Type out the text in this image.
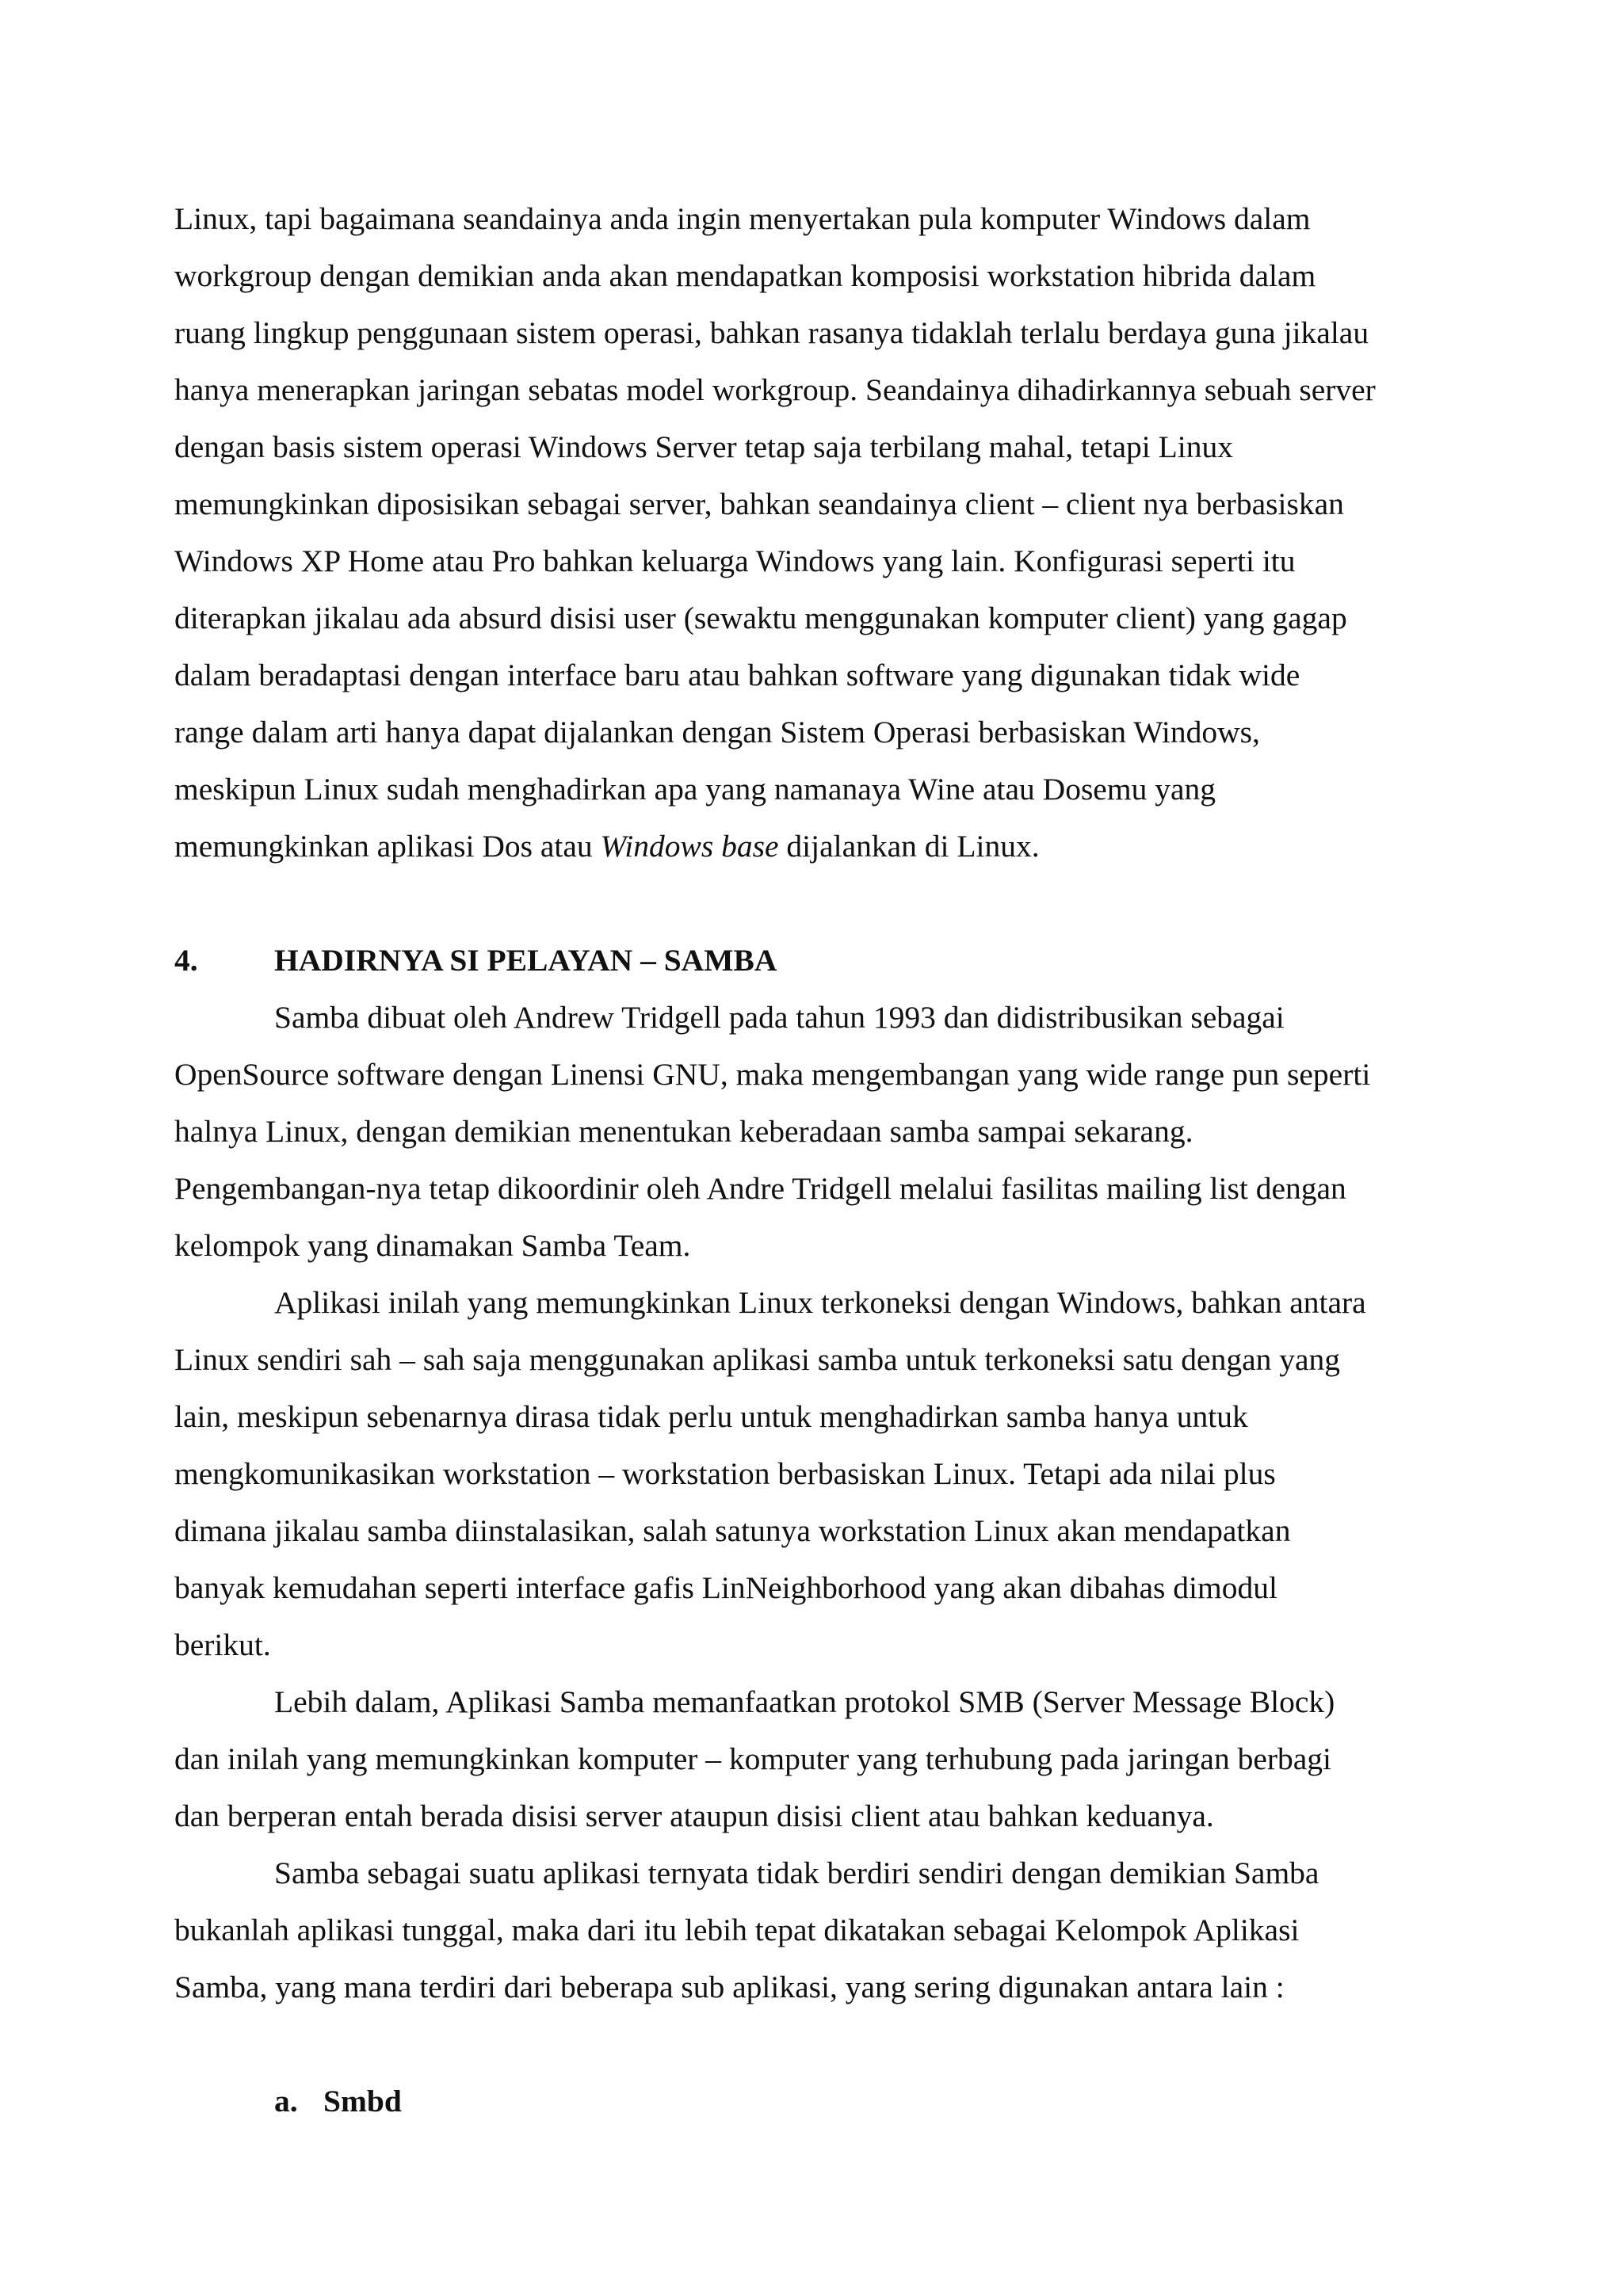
Linux, tapi bagaimana seandainya anda ingin menyertakan pula komputer Windows dalam
workgroup dengan demikian anda akan mendapatkan komposisi workstation hibrida dalam
ruang lingkup penggunaan sistem operasi, bahkan rasanya tidaklah terlalu berdaya guna jikalau
hanya menerapkan jaringan sebatas model workgroup. Seandainya dihadirkannya sebuah server
dengan basis sistem operasi Windows Server tetap saja terbilang mahal, tetapi Linux
memungkinkan diposisikan sebagai server, bahkan seandainya client – client nya berbasiskan
Windows XP Home atau Pro bahkan keluarga Windows yang lain. Konfigurasi seperti itu
diterapkan jikalau ada absurd disisi user (sewaktu menggunakan komputer client) yang gagap
dalam beradaptasi dengan interface baru atau bahkan software yang digunakan tidak wide
range dalam arti hanya dapat dijalankan dengan Sistem Operasi berbasiskan Windows,
meskipun Linux sudah menghadirkan apa yang namanaya Wine atau Dosemu yang
memungkinkan aplikasi Dos atau Windows base dijalankan di Linux.
4. HADIRNYA SI PELAYAN – SAMBA
Samba dibuat oleh Andrew Tridgell pada tahun 1993 dan didistribusikan sebagai
OpenSource software dengan Linensi GNU, maka mengembangan yang wide range pun seperti
halnya Linux, dengan demikian menentukan keberadaan samba sampai sekarang.
Pengembangan-nya tetap dikoordinir oleh Andre Tridgell melalui fasilitas mailing list dengan
kelompok yang dinamakan Samba Team.
Aplikasi inilah yang memungkinkan Linux terkoneksi dengan Windows, bahkan antara
Linux sendiri sah – sah saja menggunakan aplikasi samba untuk terkoneksi satu dengan yang
lain, meskipun sebenarnya dirasa tidak perlu untuk menghadirkan samba hanya untuk
mengkomunikasikan workstation – workstation berbasiskan Linux. Tetapi ada nilai plus
dimana jikalau samba diinstalasikan, salah satunya workstation Linux akan mendapatkan
banyak kemudahan seperti interface gafis LinNeighborhood yang akan dibahas dimodul
berikut.
Lebih dalam, Aplikasi Samba memanfaatkan protokol SMB (Server Message Block)
dan inilah yang memungkinkan komputer – komputer yang terhubung pada jaringan berbagi
dan berperan entah berada disisi server ataupun disisi client atau bahkan keduanya.
Samba sebagai suatu aplikasi ternyata tidak berdiri sendiri dengan demikian Samba
bukanlah aplikasi tunggal, maka dari itu lebih tepat dikatakan sebagai Kelompok Aplikasi
Samba, yang mana terdiri dari beberapa sub aplikasi, yang sering digunakan antara lain :
a. Smbd
